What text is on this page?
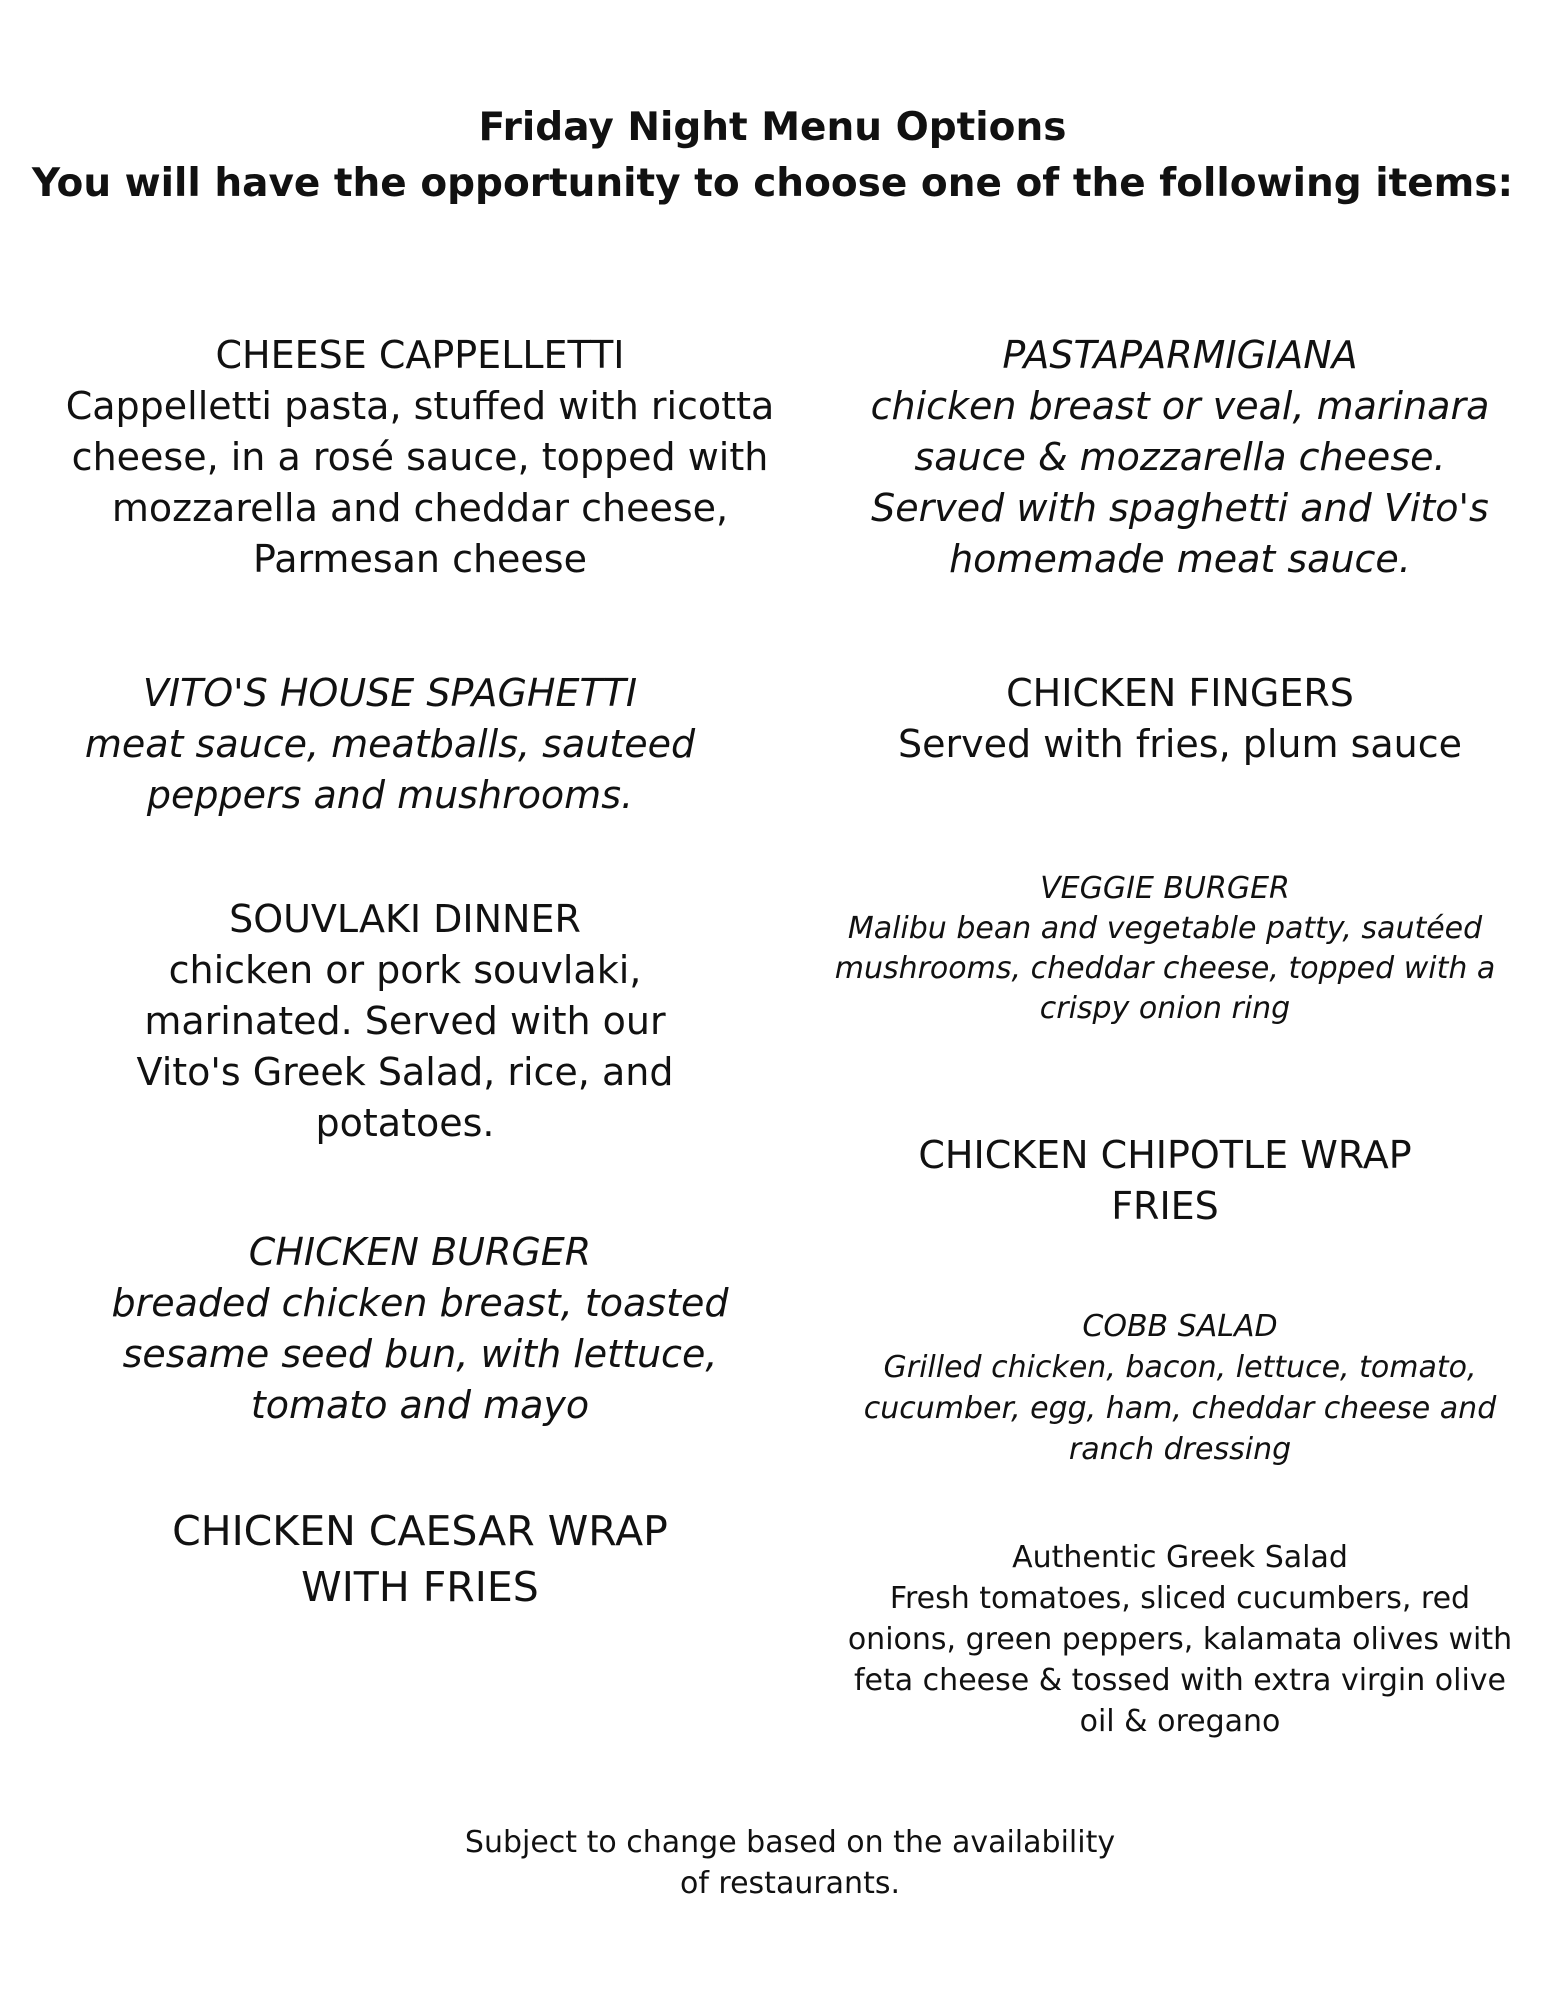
Friday Night Menu Options
You will have the opportunity to choose one of the following items:
CHEESE CAPPELLETTI
Cappelletti pasta, stuffed with ricotta
cheese, in a rosé sauce, topped with
mozzarella and cheddar cheese,
Parmesan cheese
PASTAPARMIGIANA
chicken breast or veal, marinara
sauce & mozzarella cheese.
Served with spaghetti and Vito's
homemade meat sauce.
VITO'S HOUSE SPAGHETTI
meat sauce, meatballs, sauteed
peppers and mushrooms.
CHICKEN FINGERS
Served with fries, plum sauce
SOUVLAKI DINNER
chicken or pork souvlaki,
marinated. Served with our
Vito's Greek Salad, rice, and
potatoes.
VEGGIE BURGER
Malibu bean and vegetable patty, sautéed
mushrooms, cheddar cheese, topped with a
crispy onion ring
CHICKEN BURGER
breaded chicken breast, toasted
sesame seed bun, with lettuce,
tomato and mayo
CHICKEN CHIPOTLE WRAP
FRIES
CHICKEN CAESAR WRAP
WITH FRIES
COBB SALAD
Grilled chicken, bacon, lettuce, tomato,
cucumber, egg, ham, cheddar cheese and
ranch dressing
Authentic Greek Salad
Fresh tomatoes, sliced cucumbers, red
onions, green peppers, kalamata olives with
feta cheese & tossed with extra virgin olive
oil & oregano
Subject to change based on the availability
of restaurants.
